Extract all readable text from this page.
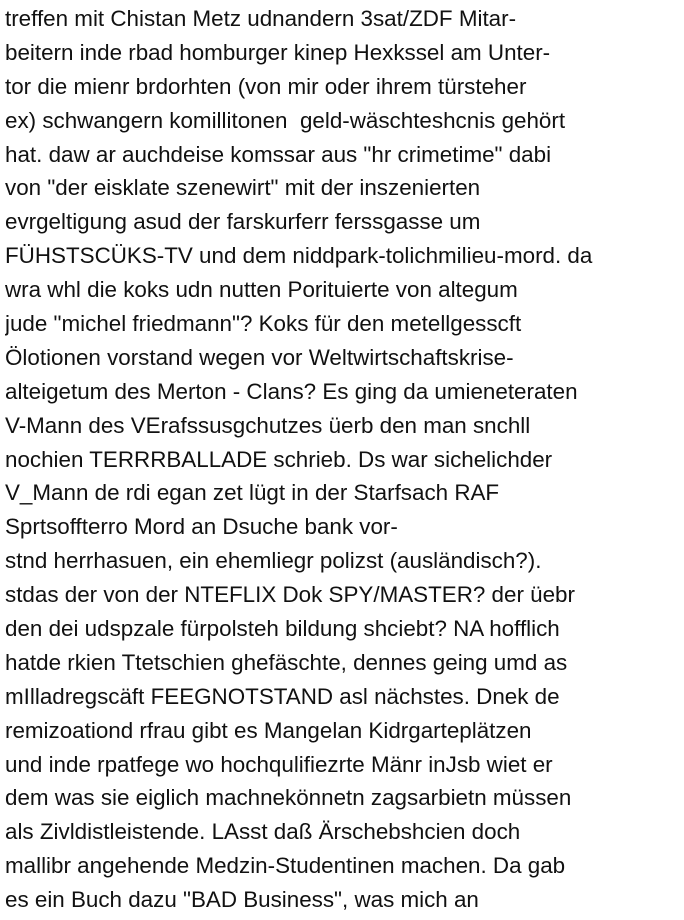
treffen mit Chistan Metz udnandern 3sat/ZDF Mitar-
beitern inde rbad homburger kinep Hexkssel am Unter-
tor die mienr brdorhten (von mir oder ihrem türsteher
ex) schwangern komillitonen  geld-wäschteshcnis gehört
hat. daw ar auchdeise komssar aus "hr crimetime" dabi
von "der eisklate szenewirt" mit der inszenierten
evrgeltigung asud der farskurferr ferssgasse um
FÜHSTSCÜKS-TV und dem niddpark-tolichmilieu-mord. da
wra whl die koks udn nutten Porituierte von altegum
jude "michel friedmann"? Koks für den metellgesscft
Ölotionen vorstand wegen vor Weltwirtschaftskrise-
alteigetum des Merton - Clans? Es ging da umieneteraten
V-Mann des VErafssusgchutzes üerb den man snchll
nochien TERRRBALLADE schrieb. Ds war sichelichder
V_Mann de rdi egan zet lügt in der Starfsach RAF
Sprtsoffterro Mord an Dsuche bank vor-
stnd herrhasuen, ein ehemliegr polizst (ausländisch?).
stdas der von der NTEFLIX Dok SPY/MASTER? der üebr
den dei udspzale fürpolsteh bildung shciebt? NA hofflich
hatde rkien Ttetschien ghefäschte, dennes geing umd as
mIlladregscäft FEEGNOTSTAND asl nächstes. Dnek de
remizoationd rfrau gibt es Mangelan Kidrgarteplätzen
und inde rpatfege wo hochqulifiezrte Mänr inJsb wiet er
dem was sie eiglich machnekönnetn zagsarbietn müssen
als Zivldistleistende. LAsst daß Ärschebshcien doch
mallibr angehende Medzin-Studentinen machen. Da gab
es ein Buch dazu "BAD Business", was mich an
